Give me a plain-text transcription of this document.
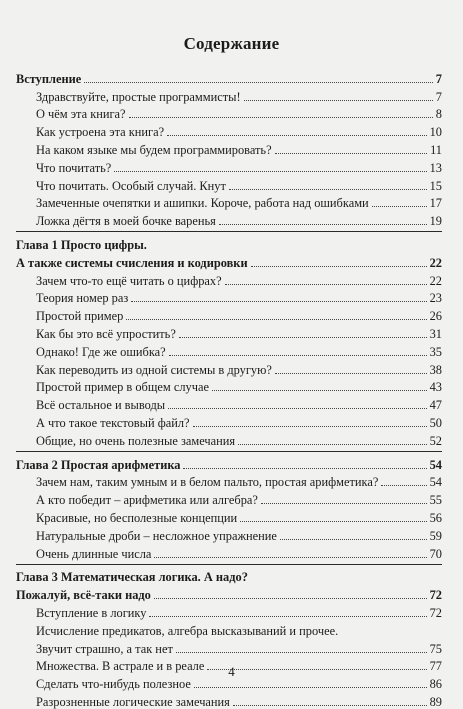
Содержание
Вступление	7
Здравствуйте, простые программисты!	7
О чём эта книга?	8
Как устроена эта книга?	10
На каком языке мы будем программировать?	11
Что почитать?	13
Что почитать. Особый случай. Кнут	15
Замеченные очепятки и ашипки. Короче, работа над ошибками	17
Ложка дёгтя в моей бочке варенья	19
Глава 1 Просто цифры.
А также системы счисления и кодировки	22
Зачем что-то ещё читать о цифрах?	22
Теория номер раз	23
Простой пример	26
Как бы это всё упростить?	31
Однако! Где же ошибка?	35
Как переводить из одной системы в другую?	38
Простой пример в общем случае	43
Всё остальное и выводы	47
А что такое текстовый файл?	50
Общие, но очень полезные замечания	52
Глава 2 Простая арифметика	54
Зачем нам, таким умным и в белом пальто, простая арифметика?	54
А кто победит – арифметика или алгебра?	55
Красивые, но бесполезные концепции	56
Натуральные дроби – несложное упражнение	59
Очень длинные числа	70
Глава 3 Математическая логика. А надо?
Пожалуй, всё-таки надо	72
Вступление в логику	72
Исчисление предикатов, алгебра высказываний и прочее.
Звучит страшно, а так нет	75
Множества. В астрале и в реале	77
Сделать что-нибудь полезное	86
Разрозненные логические замечания	89
4
